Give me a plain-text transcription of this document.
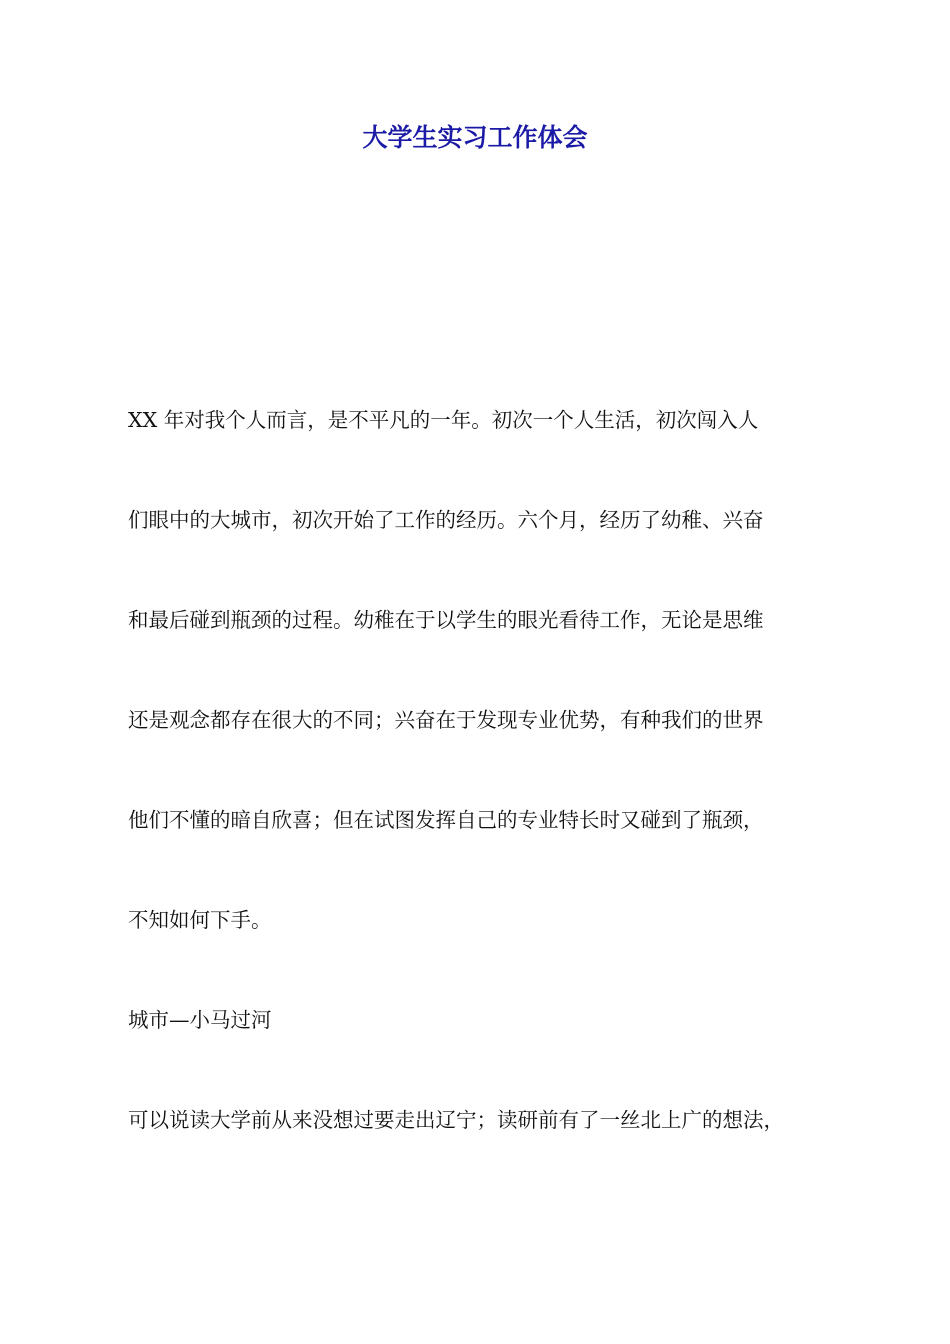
大学生实习工作体会
XX 年对我个人而言，是不平凡的一年。初次一个人生活，初次闯入人
们眼中的大城市，初次开始了工作的经历。六个月，经历了幼稚、兴奋
和最后碰到瓶颈的过程。幼稚在于以学生的眼光看待工作，无论是思维
还是观念都存在很大的不同；兴奋在于发现专业优势，有种我们的世界
他们不懂的暗自欣喜；但在试图发挥自己的专业特长时又碰到了瓶颈，
不知如何下手。
城市—小马过河
可以说读大学前从来没想过要走出辽宁；读研前有了一丝北上广的想法，
